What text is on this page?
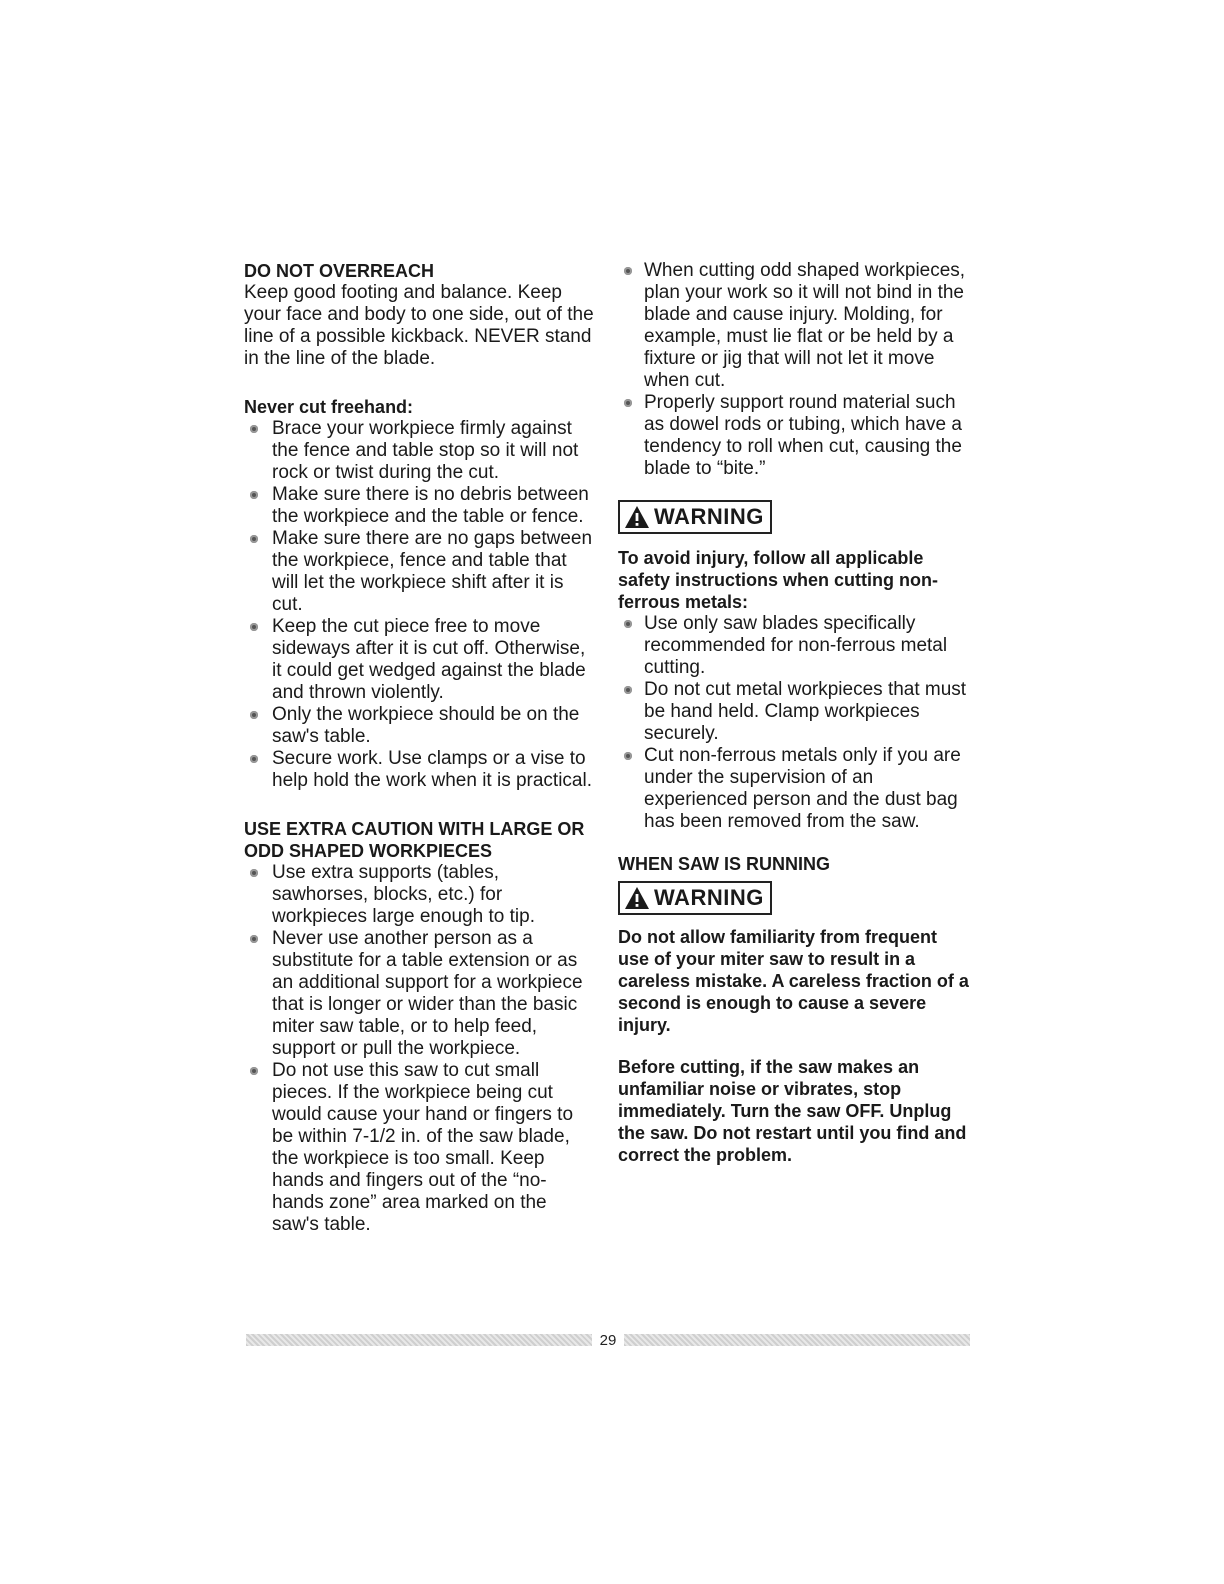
DO NOT OVERREACH

Keep good footing and balance. Keep your face and body to one side, out of the line of a possible kickback. NEVER stand in the line of the blade.

Never cut freehand:
Brace your workpiece firmly against the fence and table stop so it will not rock or twist during the cut.
Make sure there is no debris between the workpiece and the table or fence.
Make sure there are no gaps between the workpiece, fence and table that will let the workpiece shift after it is cut.
Keep the cut piece free to move sideways after it is cut off. Otherwise, it could get wedged against the blade and thrown violently.
Only the workpiece should be on the saw's table.
Secure work. Use clamps or a vise to help hold the work when it is practical.
USE EXTRA CAUTION WITH LARGE OR ODD SHAPED WORKPIECES
Use extra supports (tables, sawhorses, blocks, etc.) for workpieces large enough to tip.
Never use another person as a substitute for a table extension or as an additional support for a workpiece that is longer or wider than the basic miter saw table, or to help feed, support or pull the workpiece.
Do not use this saw to cut small pieces. If the workpiece being cut would cause your hand or fingers to be within 7-1/2 in. of the saw blade, the workpiece is too small. Keep hands and fingers out of the “no-hands zone” area marked on the saw's table.
When cutting odd shaped workpieces, plan your work so it will not bind in the blade and cause injury. Molding, for example, must lie flat or be held by a fixture or jig that will not let it move when cut.
Properly support round material such as dowel rods or tubing, which have a tendency to roll when cut, causing the blade to “bite.”
WARNING

To avoid injury, follow all applicable safety instructions when cutting non-ferrous metals:

Use only saw blades specifically recommended for non-ferrous metal cutting.
Do not cut metal workpieces that must be hand held. Clamp workpieces securely.
Cut non-ferrous metals only if you are under the supervision of an experienced person and the dust bag has been removed from the saw.
WHEN SAW IS RUNNING
WARNING

Do not allow familiarity from frequent use of your miter saw to result in a careless mistake. A careless fraction of a second is enough to cause a severe injury.

Before cutting, if the saw makes an unfamiliar noise or vibrates, stop immediately. Turn the saw OFF. Unplug the saw. Do not restart until you find and correct the problem.

29
